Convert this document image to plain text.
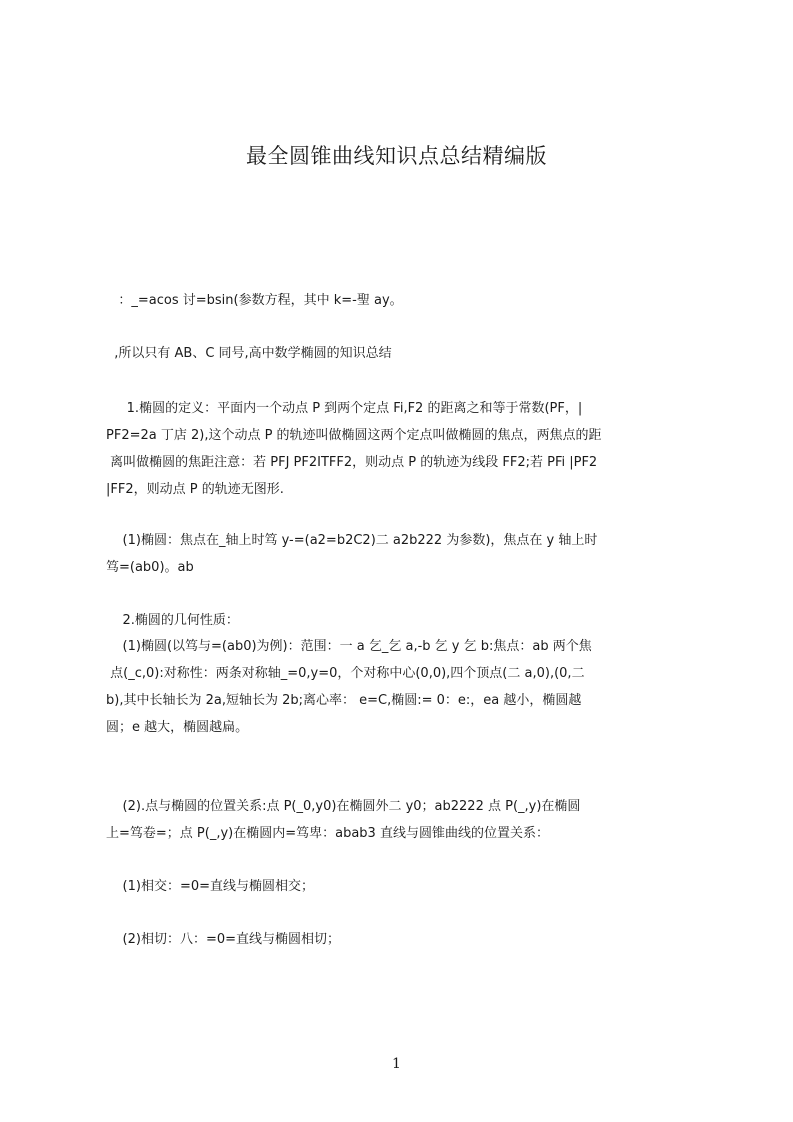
最全圆锥曲线知识点总结精编版
：_=acos 讨=bsin(参数方程，其中 k=-聖 ay。
,所以只有 AB、C 同号,高中数学椭圆的知识总结
1.椭圆的定义：平面内一个动点 P 到两个定点 Fi,F2 的距离之和等于常数(PF，|
PF2=2a 丁店 2),这个动点 P 的轨迹叫做椭圆这两个定点叫做椭圆的焦点，两焦点的距
离叫做椭圆的焦距注意：若 PFJ PF2ITFF2，则动点 P 的轨迹为线段 FF2;若 PFi |PF2
|FF2，则动点 P 的轨迹无图形.
(1)椭圆：焦点在_轴上时笃 y-=(a2=b2C2)二 a2b222 为参数)，焦点在 y 轴上时
笃=(ab0)。ab
2.椭圆的几何性质：
(1)椭圆(以笃与=(ab0)为例)：范围：一 a 乞_乞 a,-b 乞 y 乞 b:焦点：ab 两个焦
点(_c,0):对称性：两条对称轴_=0,y=0，个对称中心(0,0),四个顶点(二 a,0),(0,二
b),其中长轴长为 2a,短轴长为 2b;离心率： e=C,椭圆:= 0：e:，ea 越小，椭圆越
圆；e 越大，椭圆越扁。
(2).点与椭圆的位置关系:点 P(_0,y0)在椭圆外二 y0；ab2222 点 P(_,y)在椭圆
上=笃卷=；点 P(_,y)在椭圆内=笃卑：abab3 直线与圆锥曲线的位置关系：
(1)相交：=0=直线与椭圆相交；
(2)相切：八：=0=直线与椭圆相切；
1
